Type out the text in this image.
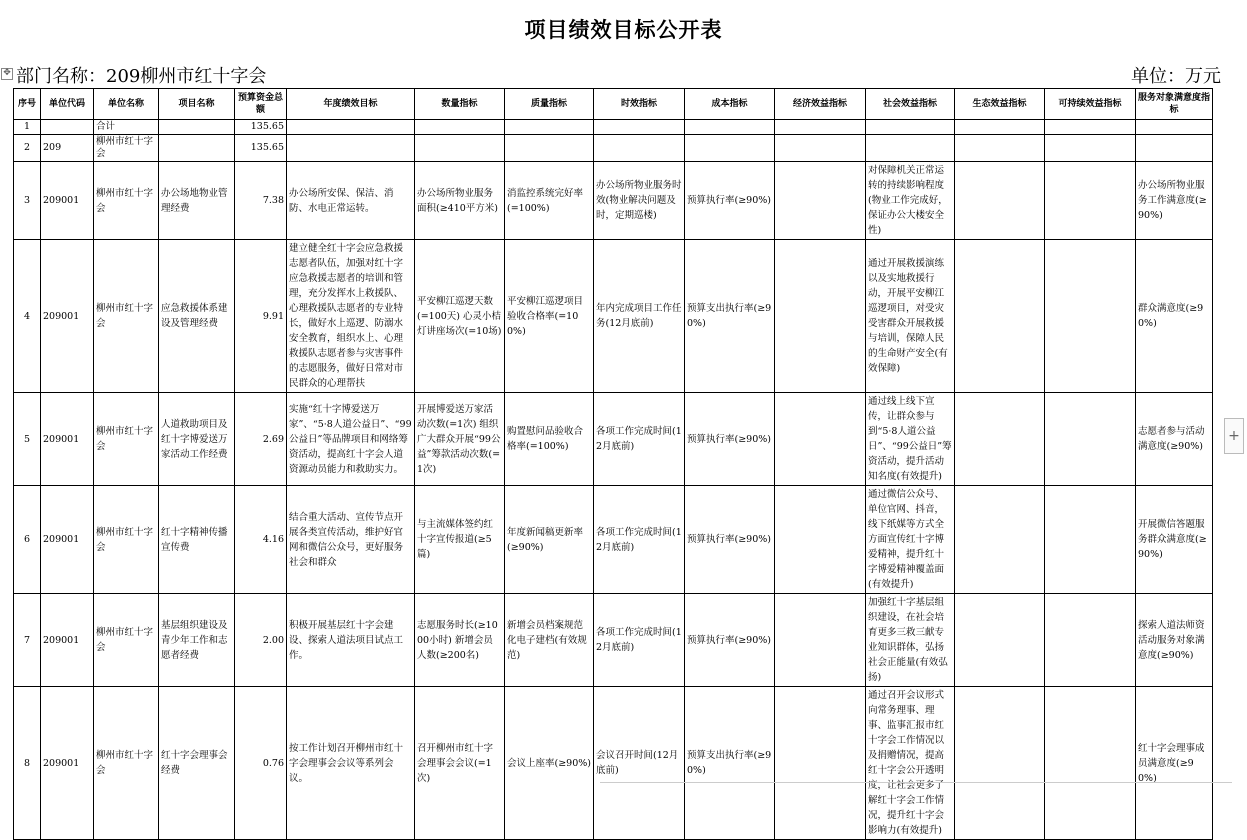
项目绩效目标公开表
✥ 部门名称：209柳州市红十字会	单位：万元
序号	单位代码	单位名称	项目名称	预算资金总额	年度绩效目标	数量指标	质量指标	时效指标	成本指标	经济效益指标	社会效益指标	生态效益指标	可持续效益指标	服务对象满意度指标
1		合计		135.65										
2	209	柳州市红十字会		135.65										
3	209001	柳州市红十字会	办公场地物业管理经费	7.38	办公场所安保、保洁、消防、水电正常运转。	办公场所物业服务面积(≥410平方米)	消监控系统完好率(=100%)	办公场所物业服务时效(物业解决问题及时，定期巡楼)	预算执行率(≥90%)		对保障机关正常运转的持续影响程度(物业工作完成好，保证办公大楼安全性)			办公场所物业服务工作满意度(≥90%)
4	209001	柳州市红十字会	应急救援体系建设及管理经费	9.91	建立健全红十字会应急救援志愿者队伍，加强对红十字应急救援志愿者的培训和管理，充分发挥水上救援队、心理救援队志愿者的专业特长，做好水上巡逻、防溺水安全教育，组织水上、心理救援队志愿者参与灾害事件的志愿服务，做好日常对市民群众的心理帮扶	平安柳江巡逻天数(=100天) 心灵小桔灯讲座场次(=10场)	平安柳江巡逻项目验收合格率(=100%)	年内完成项目工作任务(12月底前)	预算支出执行率(≥90%)		通过开展救援演练以及实地救援行动，开展平安柳江巡逻项目，对受灾受害群众开展救援与培训，保障人民的生命财产安全(有效保障)			群众满意度(≥90%)
5	209001	柳州市红十字会	人道救助项目及红十字博爱送万家活动工作经费	2.69	实施“红十字博爱送万家”、“5·8人道公益日”、“99公益日”等品牌项目和网络筹资活动，提高红十字会人道资源动员能力和救助实力。	开展博爱送万家活动次数(=1次) 组织广大群众开展“99公益”筹款活动次数(=1次)	购置慰问品验收合格率(=100%)	各项工作完成时间(12月底前)	预算执行率(≥90%)		通过线上线下宣传，让群众参与到“5·8人道公益日”、“99公益日”筹资活动，提升活动知名度(有效提升)			志愿者参与活动满意度(≥90%)
6	209001	柳州市红十字会	红十字精神传播宣传费	4.16	结合重大活动、宣传节点开展各类宣传活动，维护好官网和微信公众号，更好服务社会和群众	与主流媒体签约红十字宣传报道(≥5篇)	年度新闻稿更新率(≥90%)	各项工作完成时间(12月底前)	预算执行率(≥90%)		通过微信公众号、单位官网、抖音，线下纸媒等方式全方面宣传红十字博爱精神，提升红十字博爱精神覆盖面(有效提升)			开展微信答题服务群众满意度(≥90%)
7	209001	柳州市红十字会	基层组织建设及青少年工作和志愿者经费	2.00	积极开展基层红十字会建设、探索人道法项目试点工作。	志愿服务时长(≥1000小时) 新增会员人数(≥200名)	新增会员档案规范化电子建档(有效规范)	各项工作完成时间(12月底前)	预算执行率(≥90%)		加强红十字基层组织建设，在社会培育更多三救三献专业知识群体，弘扬社会正能量(有效弘扬)			探索人道法师资活动服务对象满意度(≥90%)
8	209001	柳州市红十字会	红十字会理事会经费	0.76	按工作计划召开柳州市红十字会理事会会议等系列会议。	召开柳州市红十字会理事会会议(=1次)	会议上座率(≥90%)	会议召开时间(12月底前)	预算支出执行率(≥90%)		通过召开会议形式向常务理事、理事、监事汇报市红十字会工作情况以及捐赠情况，提高红十字会公开透明度，让社会更多了解红十字会工作情况，提升红十字会影响力(有效提升)			红十字会理事成员满意度(≥90%)
+
